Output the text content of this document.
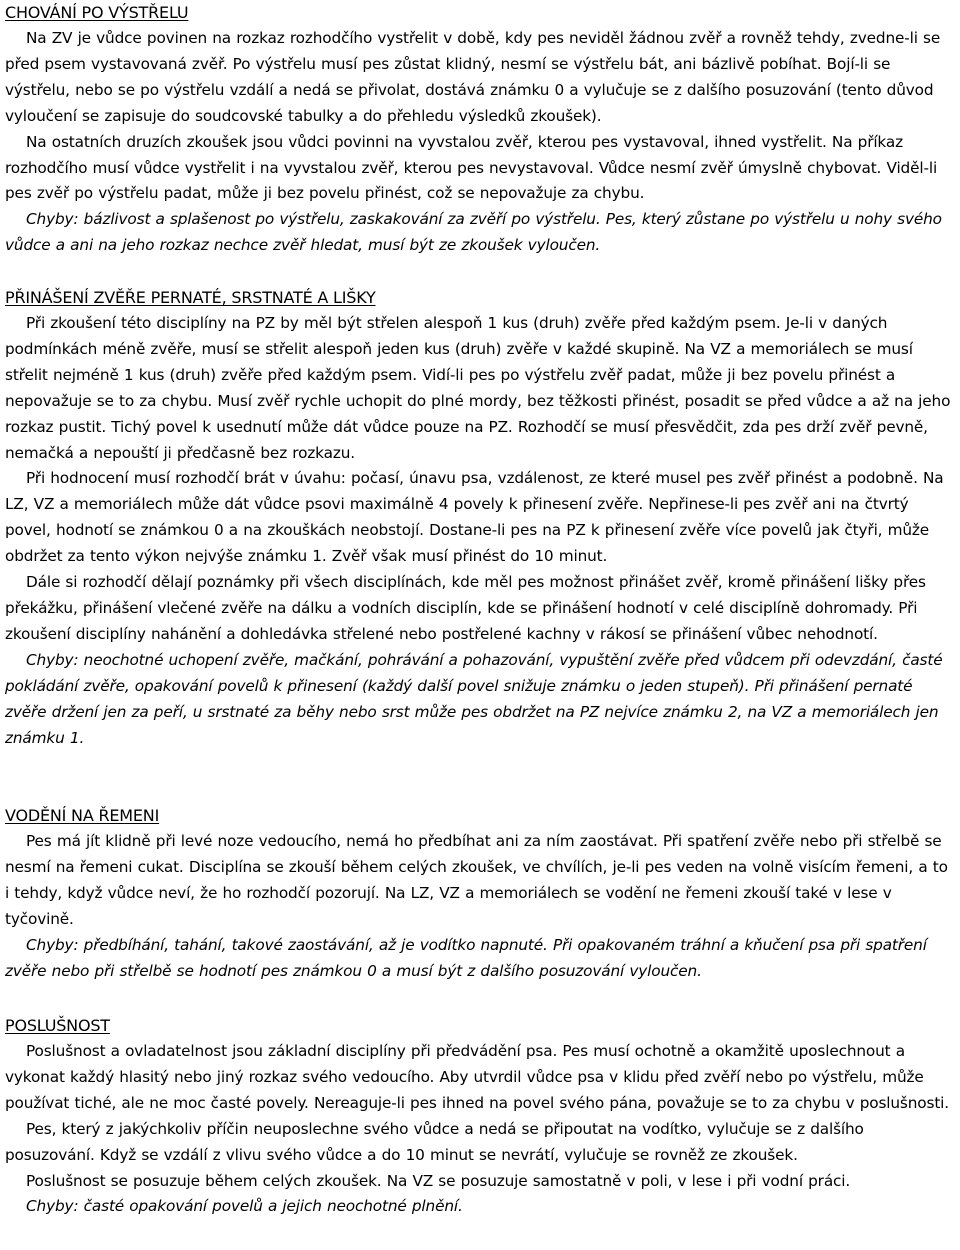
CHOVÁNÍ PO VÝSTŘELU

Na ZV je vůdce povinen na rozkaz rozhodčího vystřelit v době, kdy pes neviděl žádnou zvěř a rovněž tehdy, zvedne-li se před psem vystavovaná zvěř. Po výstřelu musí pes zůstat klidný, nesmí se výstřelu bát, ani bázlivě pobíhat. Bojí-li se výstřelu, nebo se po výstřelu vzdálí a nedá se přivolat, dostává známku 0 a vylučuje se z dalšího posuzování (tento důvod vyloučení se zapisuje do soudcovské tabulky a do přehledu výsledků zkoušek).
Na ostatních druzích zkoušek jsou vůdci povinni na vyvstalou zvěř, kterou pes vystavoval, ihned vystřelit. Na příkaz rozhodčího musí vůdce vystřelit i na vyvstalou zvěř, kterou pes nevystavoval. Vůdce nesmí zvěř úmyslně chybovat. Viděl-li pes zvěř po výstřelu padat, může ji bez povelu přinést, což se nepovažuje za chybu.
Chyby: bázlivost a splašenost po výstřelu, zaskakování za zvěří po výstřelu. Pes, který zůstane po výstřelu u nohy svého vůdce a ani na jeho rozkaz nechce zvěř hledat, musí být ze zkoušek vyloučen.

PŘINÁŠENÍ ZVĚŘE PERNATÉ, SRSTNATÉ A LIŠKY

Při zkoušení této disciplíny na PZ by měl být střelen alespoň 1 kus (druh) zvěře před každým psem. Je-li v daných podmínkách méně zvěře, musí se střelit alespoň jeden kus (druh) zvěře v každé skupině. Na VZ a memoriálech se musí střelit nejméně 1 kus (druh) zvěře před každým psem. Vidí-li pes po výstřelu zvěř padat, může ji bez povelu přinést a nepovažuje se to za chybu. Musí zvěř rychle uchopit do plné mordy, bez těžkosti přinést, posadit se před vůdce a až na jeho rozkaz pustit. Tichý povel k usednutí může dát vůdce pouze na PZ. Rozhodčí se musí přesvědčit, zda pes drží zvěř pevně, nemačká a nepouští ji předčasně bez rozkazu.
Při hodnocení musí rozhodčí brát v úvahu: počasí, únavu psa, vzdálenost, ze které musel pes zvěř přinést a podobně. Na LZ, VZ a memoriálech může dát vůdce psovi maximálně 4 povely k přinesení zvěře. Nepřinese-li pes zvěř ani na čtvrtý povel, hodnotí se známkou 0 a na zkouškách neobstojí. Dostane-li pes na PZ k přinesení zvěře více povelů jak čtyři, může obdržet za tento výkon nejvýše známku 1. Zvěř však musí přinést do 10 minut.
Dále si rozhodčí dělají poznámky při všech disciplínách, kde měl pes možnost přinášet zvěř, kromě přinášení lišky přes překážku, přinášení vlečené zvěře na dálku a vodních disciplín, kde se přinášení hodnotí v celé disciplíně dohromady. Při zkoušení disciplíny nahánění a dohledávka střelené nebo postřelené kachny v rákosí se přinášení vůbec nehodnotí.
Chyby: neochotné uchopení zvěře, mačkání, pohrávání a pohazování, vypuštění zvěře před vůdcem při odevzdání, časté pokládání zvěře, opakování povelů k přinesení (každý další povel snižuje známku o jeden stupeň). Při přinášení pernaté zvěře držení jen za peří, u srstnaté za běhy nebo srst může pes obdržet na PZ nejvíce známku 2, na VZ a memoriálech jen známku 1.

VODĚNÍ NA ŘEMENI

Pes má jít klidně při levé noze vedoucího, nemá ho předbíhat ani za ním zaostávat. Při spatření zvěře nebo při střelbě se nesmí na řemeni cukat. Disciplína se zkouší během celých zkoušek, ve chvílích, je-li pes veden na volně visícím řemeni, a to i tehdy, když vůdce neví, že ho rozhodčí pozorují. Na LZ, VZ a memoriálech se vodění ne řemeni zkouší také v lese v tyčovině.
Chyby: předbíhání, tahání, takové zaostávání, až je vodítko napnuté. Při opakovaném tráhní a kňučení psa při spatření zvěře nebo při střelbě se hodnotí pes známkou 0 a musí být z dalšího posuzování vyloučen.

POSLUŠNOST

Poslušnost a ovladatelnost jsou základní disciplíny při předvádění psa. Pes musí ochotně a okamžitě uposlechnout a vykonat každý hlasitý nebo jiný rozkaz svého vedoucího. Aby utvrdil vůdce psa v klidu před zvěří nebo po výstřelu, může používat tiché, ale ne moc časté povely. Nereaguje-li pes ihned na povel svého pána, považuje se to za chybu v poslušnosti.
Pes, který z jakýchkoliv příčin neuposlechne svého vůdce a nedá se připoutat na vodítko, vylučuje se z dalšího posuzování. Když se vzdálí z vlivu svého vůdce a do 10 minut se nevrátí, vylučuje se rovněž ze zkoušek.
Poslušnost se posuzuje během celých zkoušek. Na VZ se posuzuje samostatně v poli, v lese i při vodní práci.
Chyby: časté opakování povelů a jejich neochotné plnění.
